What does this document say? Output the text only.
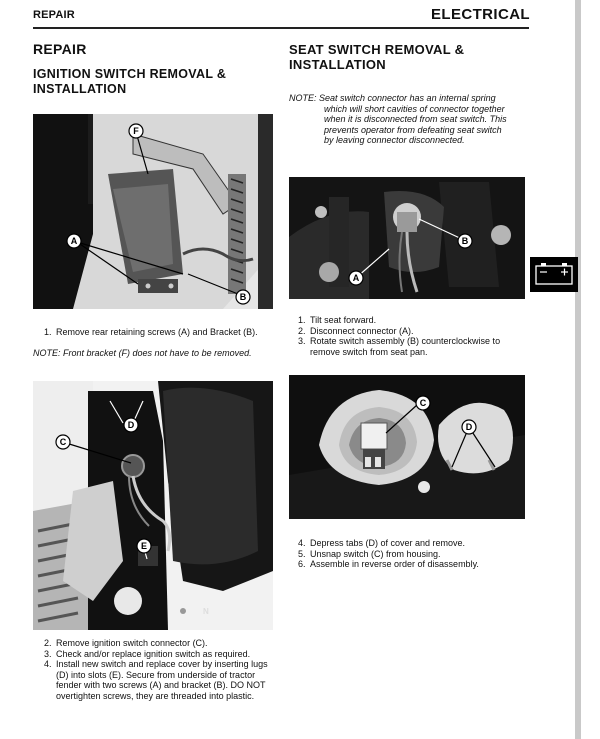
REPAIR	ELECTRICAL
REPAIR
IGNITION SWITCH REMOVAL &
INSTALLATION
F
A
B
1. Remove rear retaining screws (A) and Bracket (B).
NOTE: Front bracket (F) does not have to be removed.
N
D
C
E
2. Remove ignition switch connector (C).
3. Check and/or replace ignition switch as required.
4. Install new switch and replace cover by inserting lugs (D) into slots (E). Secure from underside of tractor fender with two screws (A) and bracket (B). DO NOT overtighten screws, they are threaded into plastic.
SEAT SWITCH REMOVAL &
INSTALLATION
NOTE: Seat switch connector has an internal spring
which will short cavities of connector together
when it is disconnected from seat switch. This
prevents operator from defeating seat switch
by leaving connector disconnected.
B
A
1. Tilt seat forward.
2. Disconnect connector (A).
3. Rotate switch assembly (B) counterclockwise to remove switch from seat pan.
C
D
4. Depress tabs (D) of cover and remove.
5. Unsnap switch (C) from housing.
6. Assemble in reverse order of disassembly.
